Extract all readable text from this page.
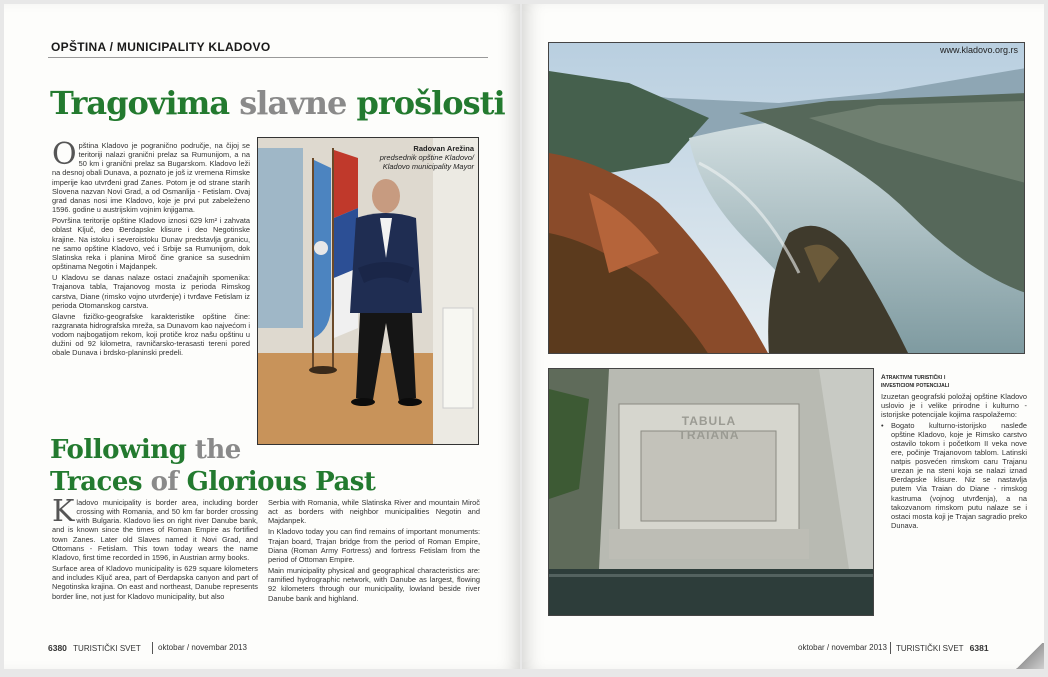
OPŠTINA / MUNICIPALITY KLADOVO
Tragovima slavne prošlosti

Opština Kladovo je pogranično područje, na čijoj se teritoriji nalazi granični prelaz sa Rumunijom, a na 50 km i granični prelaz sa Bugarskom. Kladovo leži na desnoj obali Dunava, a poznato je još iz vremena Rimske imperije kao utvrđeni grad Zanes. Potom je od strane starih Slovena nazvan Novi Grad, a od Osmanlija - Fetislam. Ovaj grad danas nosi ime Kladovo, koje je prvi put zabeleženo 1596. godine u austrijskim vojnim knjigama.

Površina teritorije opštine Kladovo iznosi 629 km² i zahvata oblast Ključ, deo Đerdapske klisure i deo Negotinske krajine. Na istoku i severoistoku Dunav predstavlja granicu, ne samo opštine Kladovo, već i Srbije sa Rumunijom, dok Slatinska reka i planina Miroč čine granice sa susednim opštinama Negotin i Majdanpek.

U Kladovu se danas nalaze ostaci značajnih spomenika: Trajanova tabla, Trajanovog mosta iz perioda Rimskog carstva, Diane (rimsko vojno utvrđenje) i tvrđave Fetislam iz perioda Otomanskog carstva.

Glavne fizičko-geografske karakteristike opštine čine: razgranata hidrografska mreža, sa Dunavom kao najvećom i vodom najbogatijom rekom, koji protiče kroz našu opštinu u dužini od 92 kilometra, ravničarsko-terasasti tereni pored obale Dunava i brdsko-planinski predeli.

Radovan Arežina
predsednik opštine Kladovo/
Kladovo municipality Mayor
Following the
Traces of Glorious Past

Kladovo municipality is border area, including border crossing with Romania, and 50 km far border crossing with Bulgaria. Kladovo lies on right river Danube bank, and is known since the times of Roman Empire as fortified town Zanes. Later old Slaves named it Novi Grad, and Ottomans - Fetislam. This town today wears the name Kladovo, first time recorded in 1596, in Austrian army books.

Surface area of Kladovo municipality is 629 square kilometers and includes Ključ area, part of Đerdapska canyon and part of Negotinska krajina. On east and northeast, Danube represents border line, not just for Kladovo municipality, but also

Serbia with Romania, while Slatinska River and mountain Miroč act as borders with neighbor municipalities Negotin and Majdanpek.

In Kladovo today you can find remains of important monuments: Trajan board, Trajan bridge from the period of Roman Empire, Diana (Roman Army Fortress) and fortress Fetislam from the period of Ottoman Empire.

Main municipality physical and geographical characteristics are: ramified hydrographic network, with Danube as largest, flowing 92 kilometers through our municipality, lowland beside river Danube bank and highland.

6380 TURISTIČKI SVET oktobar / novembar 2013
www.kladovo.org.rs
TABULA TRAIANA
Atraktivni turistički i
investicioni potencijali

Izuzetan geografski položaj opštine Kladovo uslovio je i velike prirodne i kulturno - istorijske potencijale kojima raspolažemo:

• Bogato kulturno-istorijsko nasleđe opštine Kladovo, koje je Rimsko carstvo ostavilo tokom i početkom II veka nove ere, počinje Trajanovom tablom. Latinski natpis posvećen rimskom caru Trajanu urezan je na steni koja se nalazi iznad Đerdapske klisure. Niz se nastavlja putem Via Traian do Diane - rimskog kastruma (vojnog utvrđenja), a na takozvanom rimskom putu nalaze se i ostaci mosta koji je Trajan sagradio preko Dunava.
oktobar / novembar 2013 TURISTIČKI SVET 6381
